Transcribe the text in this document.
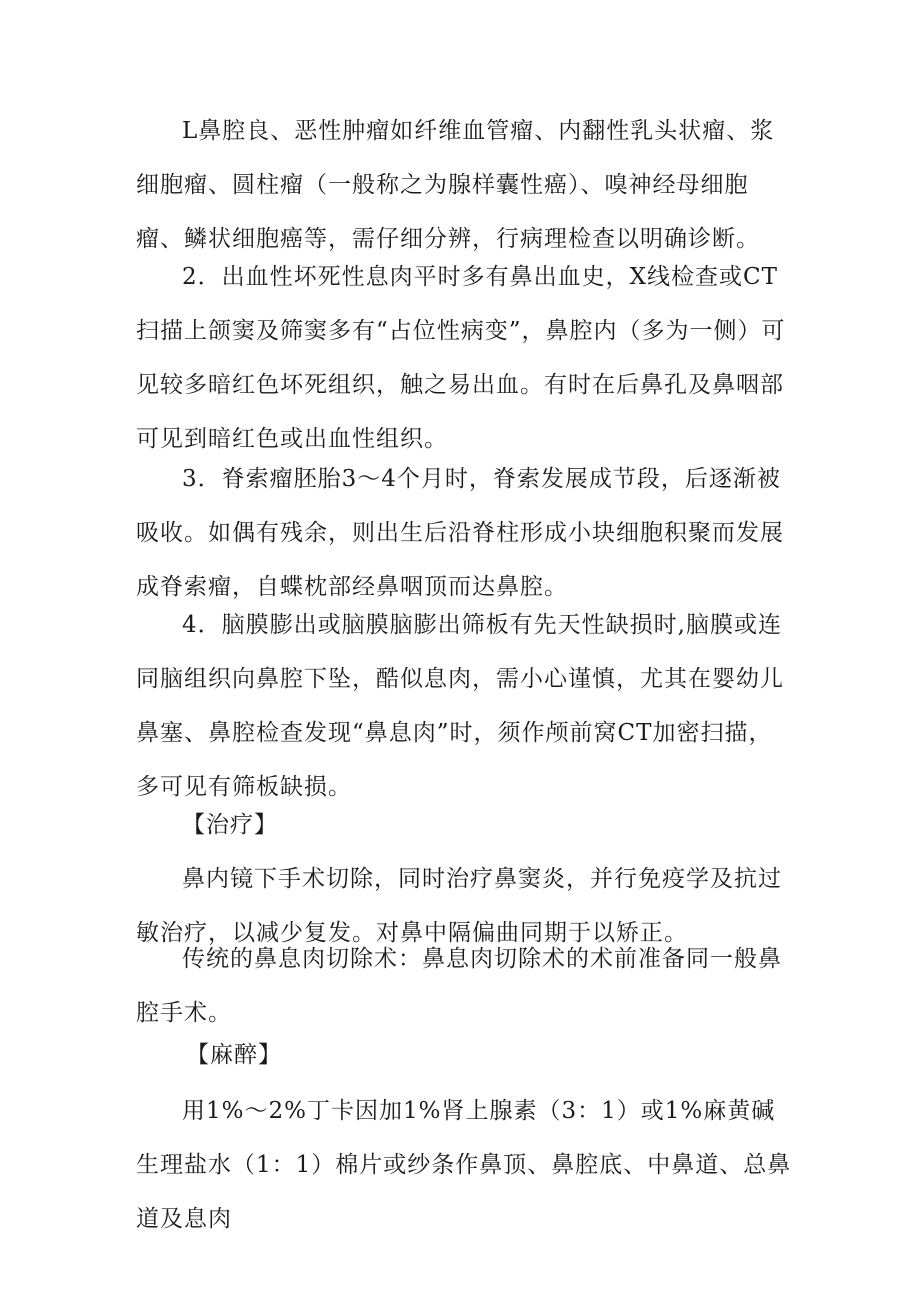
L鼻腔良、恶性肿瘤如纤维血管瘤、内翻性乳头状瘤、浆细胞瘤、圆柱瘤（一般称之为腺样囊性癌）、嗅神经母细胞瘤、鳞状细胞癌等，需仔细分辨，行病理检查以明确诊断。

2．出血性坏死性息肉平时多有鼻出血史，X线检查或CT扫描上颌窦及筛窦多有“占位性病变”，鼻腔内（多为一侧）可见较多暗红色坏死组织，触之易出血。有时在后鼻孔及鼻咽部可见到暗红色或出血性组织。

3．脊索瘤胚胎3～4个月时，脊索发展成节段，后逐渐被吸收。如偶有残余，则出生后沿脊柱形成小块细胞积聚而发展成脊索瘤，自蝶枕部经鼻咽顶而达鼻腔。

4．脑膜膨出或脑膜脑膨出筛板有先天性缺损时,脑膜或连同脑组织向鼻腔下坠，酷似息肉，需小心谨慎，尤其在婴幼儿鼻塞、鼻腔检查发现“鼻息肉”时，须作颅前窝CT加密扫描，多可见有筛板缺损。

【治疗】

鼻内镜下手术切除，同时治疗鼻窦炎，并行免疫学及抗过敏治疗，以减少复发。对鼻中隔偏曲同期于以矫正。

传统的鼻息肉切除术：鼻息肉切除术的术前准备同一般鼻腔手术。

【麻醉】

用1%～2%丁卡因加1%肾上腺素（3：1）或1%麻黄碱生理盐水（1：1）棉片或纱条作鼻顶、鼻腔底、中鼻道、总鼻道及息肉
